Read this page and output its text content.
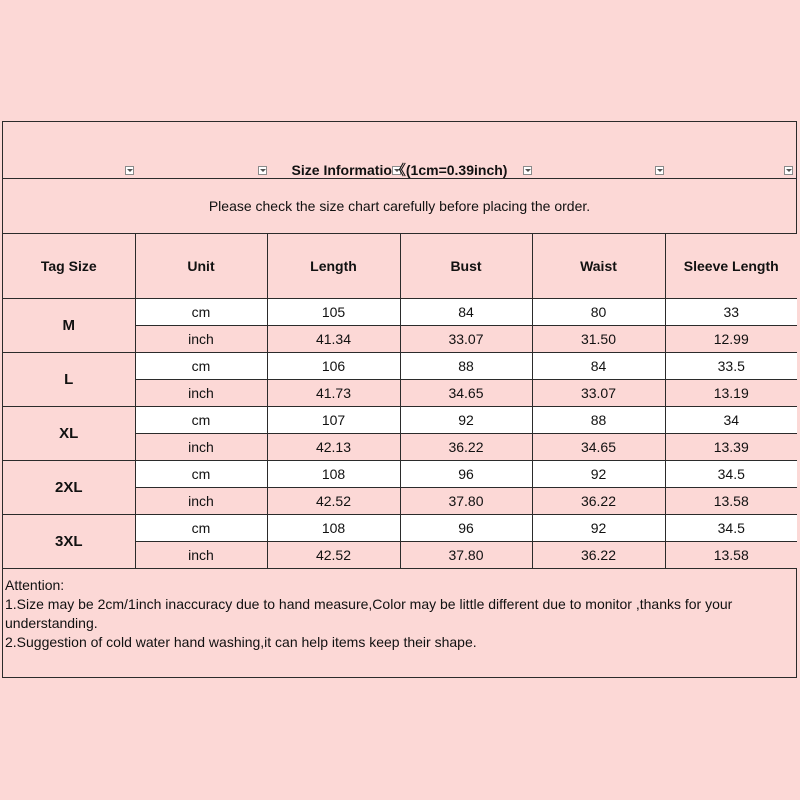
Size Informatio《(1cm=0.39inch)
Please check the size chart carefully before placing the order.
Tag Size	Unit	Length	Bust	Waist	Sleeve Length
M	cm	105	84	80	33
	inch	41.34	33.07	31.50	12.99
L	cm	106	88	84	33.5
	inch	41.73	34.65	33.07	13.19
XL	cm	107	92	88	34
	inch	42.13	36.22	34.65	13.39
2XL	cm	108	96	92	34.5
	inch	42.52	37.80	36.22	13.58
3XL	cm	108	96	92	34.5
	inch	42.52	37.80	36.22	13.58

Attention:

1.Size may be 2cm/1inch inaccuracy due to hand measure,Color may be little different due to monitor ,thanks for your understanding.

2.Suggestion of cold water hand washing,it can help items keep their shape.
